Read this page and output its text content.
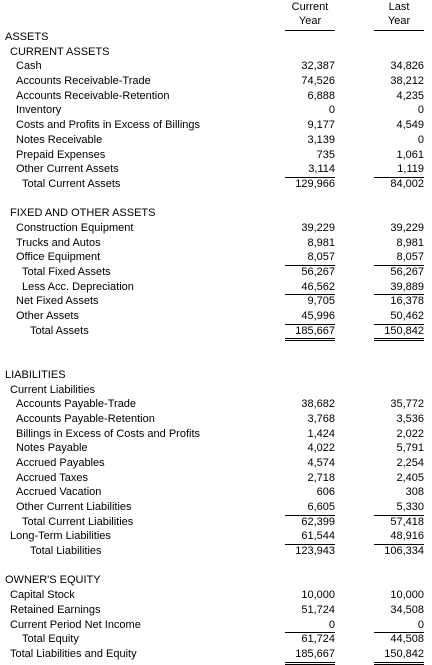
Current
Year
Last
Year
ASSETS
CURRENT ASSETS
Cash	32,387	34,826
Accounts Receivable-Trade	74,526	38,212
Accounts Receivable-Retention	6,888	4,235
Inventory	0	0
Costs and Profits in Excess of Billings	9,177	4,549
Notes Receivable	3,139	0
Prepaid Expenses	735	1,061
Other Current Assets	3,114	1,119
Total Current Assets	129,966	84,002
FIXED AND OTHER ASSETS
Construction Equipment	39,229	39,229
Trucks and Autos	8,981	8,981
Office Equipment	8,057	8,057
Total Fixed Assets	56,267	56,267
Less Acc. Depreciation	46,562	39,889
Net Fixed Assets	9,705	16,378
Other Assets	45,996	50,462
Total Assets	185,667	150,842
LIABILITIES
Current Liabilities
Accounts Payable-Trade	38,682	35,772
Accounts Payable-Retention	3,768	3,536
Billings in Excess of Costs and Profits	1,424	2,022
Notes Payable	4,022	5,791
Accrued Payables	4,574	2,254
Accrued Taxes	2,718	2,405
Accrued Vacation	606	308
Other Current Liabilities	6,605	5,330
Total Current Liabilities	62,399	57,418
Long-Term Liabilities	61,544	48,916
Total Liabilities	123,943	106,334
OWNER'S EQUITY
Capital Stock	10,000	10,000
Retained Earnings	51,724	34,508
Current Period Net Income	0	0
Total Equity	61,724	44,508
Total Liabilities and Equity	185,667	150,842
